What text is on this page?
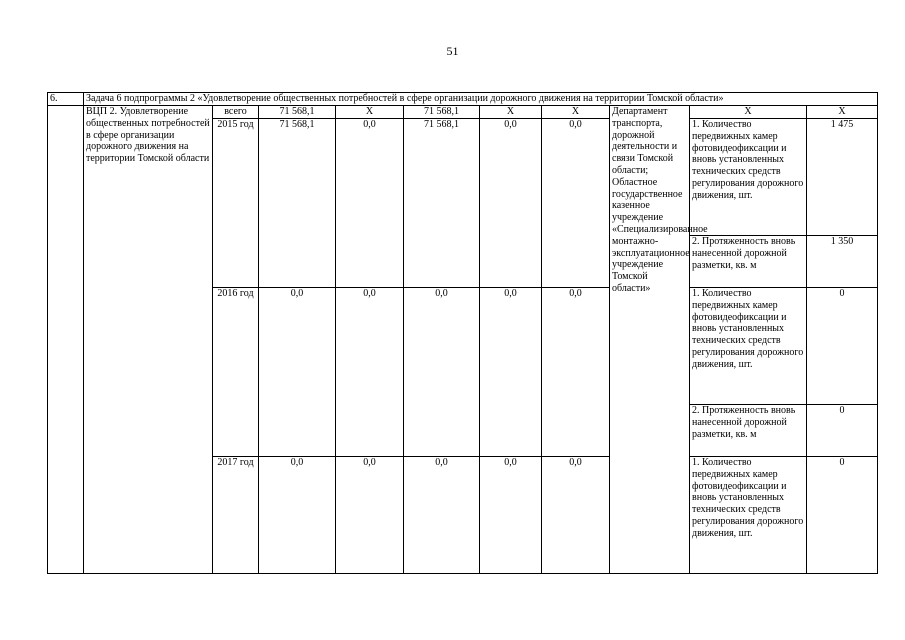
51
6.	Задача 6 подпрограммы 2 «Удовлетворение общественных потребностей в сфере организации дорожного движения на территории Томской области»									
	ВЦП 2. Удовлетворение общественных потребностей в сфере организации дорожного движения на территории Томской области	всего	71 568,1	Х	71 568,1	Х	Х	Департамент транспорта, дорожной деятельности и связи Томской области; Областное государственное казенное учреждение «Специализированное монтажно-эксплуатационное учреждение Томской области»	Х	Х
		2015 год	71 568,1	0,0	71 568,1	0,0	0,0		1. Количество передвижных камер фотовидеофиксации и вновь установленных технических средств регулирования дорожного движения, шт.	1 475
									2. Протяженность вновь нанесенной дорожной разметки, кв. м	1 350
		2016 год	0,0	0,0	0,0	0,0	0,0		1. Количество передвижных камер фотовидеофиксации и вновь установленных технических средств регулирования дорожного движения, шт.	0
									2. Протяженность вновь нанесенной дорожной разметки, кв. м	0
		2017 год	0,0	0,0	0,0	0,0	0,0		1. Количество передвижных камер фотовидеофиксации и вновь установленных технических средств регулирования дорожного движения, шт.	0
